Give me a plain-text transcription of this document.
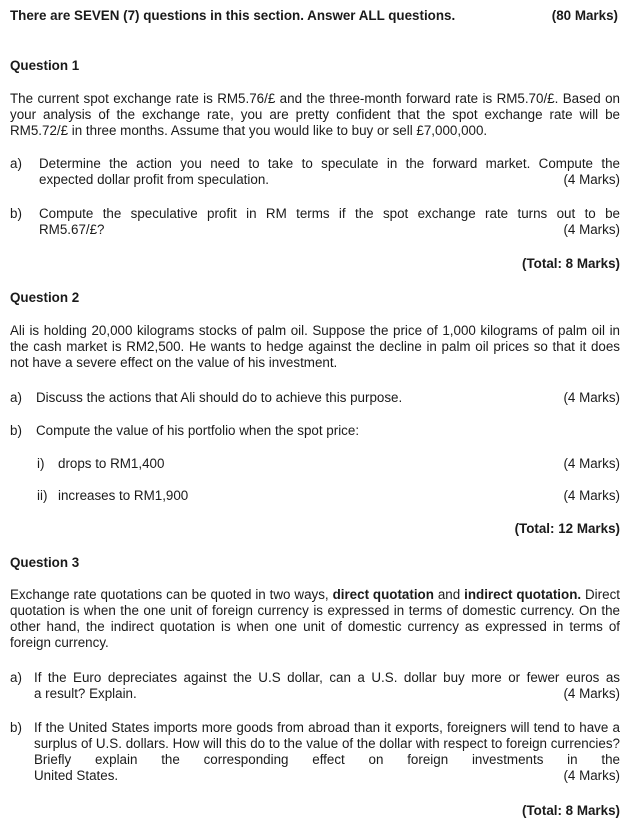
There are SEVEN (7) questions in this section. Answer ALL questions.	(80 Marks)
Question 1
The current spot exchange rate is RM5.76/£ and the three-month forward rate is RM5.70/£. Based on your analysis of the exchange rate, you are pretty confident that the spot exchange rate will be RM5.72/£ in three months. Assume that you would like to buy or sell £7,000,000.
a) Determine the action you need to take to speculate in the forward market. Compute the
expected dollar profit from speculation.	(4 Marks)
b) Compute the speculative profit in RM terms if the spot exchange rate turns out to be
RM5.67/£?	(4 Marks)
(Total: 8 Marks)
Question 2
Ali is holding 20,000 kilograms stocks of palm oil. Suppose the price of 1,000 kilograms of palm oil in the cash market is RM2,500. He wants to hedge against the decline in palm oil prices so that it does not have a severe effect on the value of his investment.
a) Discuss the actions that Ali should do to achieve this purpose.	(4 Marks)
b) Compute the value of his portfolio when the spot price:
i) drops to RM1,400	(4 Marks)
ii) increases to RM1,900	(4 Marks)
(Total: 12 Marks)
Question 3
Exchange rate quotations can be quoted in two ways, direct quotation and indirect quotation. Direct quotation is when the one unit of foreign currency is expressed in terms of domestic currency. On the other hand, the indirect quotation is when one unit of domestic currency as expressed in terms of foreign currency.
a) If the Euro depreciates against the U.S dollar, can a U.S. dollar buy more or fewer euros as
a result? Explain.	(4 Marks)
b) If the United States imports more goods from abroad than it exports, foreigners will tend to have a surplus of U.S. dollars. How will this do to the value of the dollar with respect to foreign currencies? Briefly explain the corresponding effect on foreign investments in the
United States.	(4 Marks)
(Total: 8 Marks)
